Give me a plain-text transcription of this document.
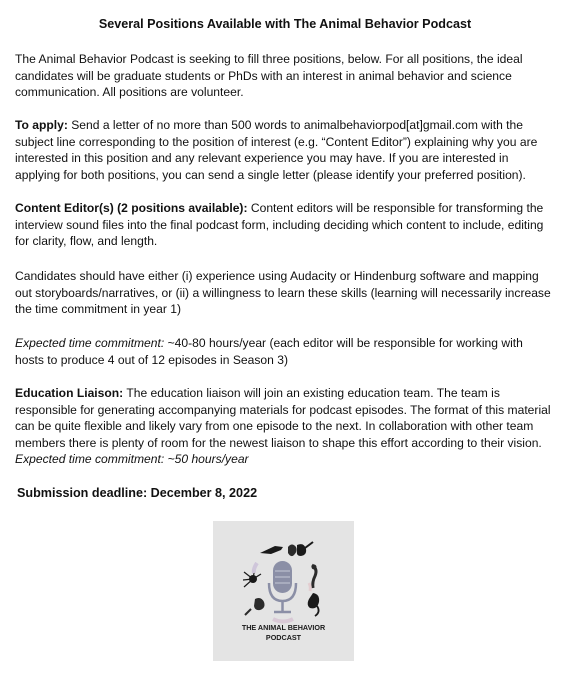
Several Positions Available with The Animal Behavior Podcast

The Animal Behavior Podcast is seeking to fill three positions, below. For all positions, the ideal candidates will be graduate students or PhDs with an interest in animal behavior and science communication. All positions are volunteer.

To apply: Send a letter of no more than 500 words to animalbehaviorpod[at]gmail.com with the subject line corresponding to the position of interest (e.g. “Content Editor”) explaining why you are interested in this position and any relevant experience you may have. If you are interested in applying for both positions, you can send a single letter (please identify your preferred position).

Content Editor(s) (2 positions available): Content editors will be responsible for transforming the interview sound files into the final podcast form, including deciding which content to include, editing for clarity, flow, and length.

Candidates should have either (i) experience using Audacity or Hindenburg software and mapping out storyboards/narratives, or (ii) a willingness to learn these skills (learning will necessarily increase the time commitment in year 1)

Expected time commitment: ~40-80 hours/year (each editor will be responsible for working with hosts to produce 4 out of 12 episodes in Season 3)

Education Liaison: The education liaison will join an existing education team. The team is responsible for generating accompanying materials for podcast episodes. The format of this material can be quite flexible and likely vary from one episode to the next. In collaboration with other team members there is plenty of room for the newest liaison to shape this effort according to their vision. Expected time commitment: ~50 hours/year

Submission deadline: December 8, 2022
THE ANIMAL BEHAVIOR
PODCAST
